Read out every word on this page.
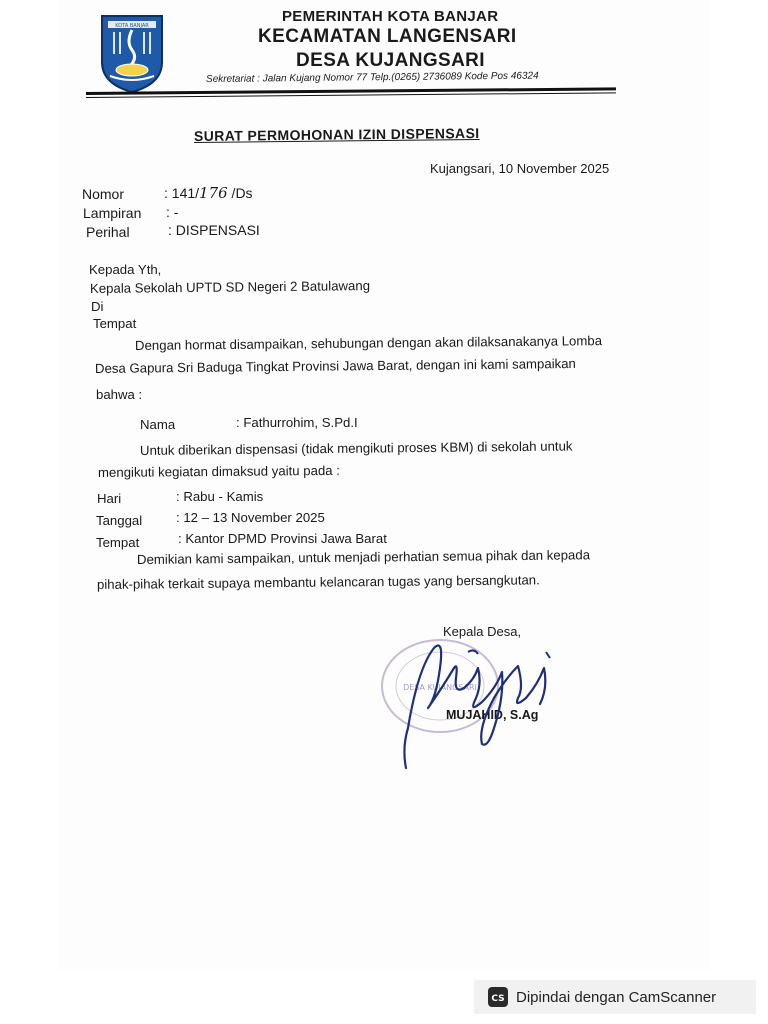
KOTA BANJAR
PEMERINTAH KOTA BANJAR
KECAMATAN LANGENSARI
DESA KUJANGSARI
Sekretariat : Jalan Kujang Nomor 77 Telp.(0265) 2736089 Kode Pos 46324
SURAT PERMOHONAN IZIN DISPENSASI
Kujangsari, 10 November 2025
Nomor	: 141/176 /Ds
Lampiran : -
Perihal	: DISPENSASI
Kepada Yth,
Kepala Sekolah UPTD SD Negeri 2 Batulawang
Di
Tempat
Dengan hormat disampaikan, sehubungan dengan akan dilaksanakanya Lomba
Desa Gapura Sri Baduga Tingkat Provinsi Jawa Barat, dengan ini kami sampaikan
bahwa :
Nama	: Fathurrohim, S.Pd.I
Untuk diberikan dispensasi (tidak mengikuti proses KBM) di sekolah untuk
mengikuti kegiatan dimaksud yaitu pada :
Hari	: Rabu - Kamis
Tanggal	: 12 – 13 November 2025
Tempat	: Kantor DPMD Provinsi Jawa Barat
Demikian kami sampaikan, untuk menjadi perhatian semua pihak dan kepada
pihak-pihak terkait supaya membantu kelancaran tugas yang bersangkutan.
DESA KUJANGSARI
Kepala Desa,
MUJAHID, S.Ag
CS Dipindai dengan CamScanner
